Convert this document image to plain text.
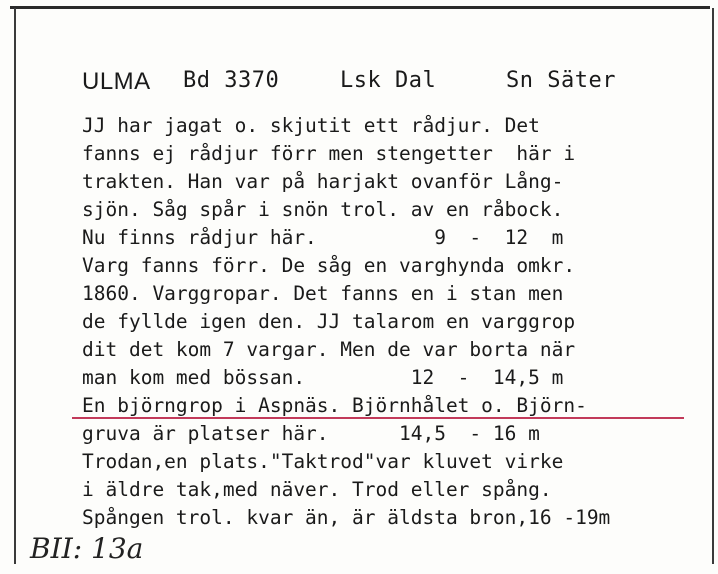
ULMA Bd 3370	Lsk Dal	Sn Säter
JJ har jagat o. skjutit ett rådjur. Det
fanns ej rådjur förr men stengetter  här i
trakten. Han var på harjakt ovanför Lång-
sjön. Såg spår i snön trol. av en råbock.
Nu finns rådjur här.          9  -  12  m
Varg fanns förr. De såg en varghynda omkr.
1860. Varggropar. Det fanns en i stan men
de fyllde igen den. JJ talarom en varggrop
dit det kom 7 vargar. Men de var borta när
man kom med bössan.         12  -  14,5 m
En björngrop i Aspnäs. Björnhålet o. Björn-
gruva är platser här.      14,5  - 16 m
Trodan,en plats."Taktrod"var kluvet virke
i äldre tak,med näver. Trod eller spång.
Spången trol. kvar än, är äldsta bron,16 -19m
BII: 13a
